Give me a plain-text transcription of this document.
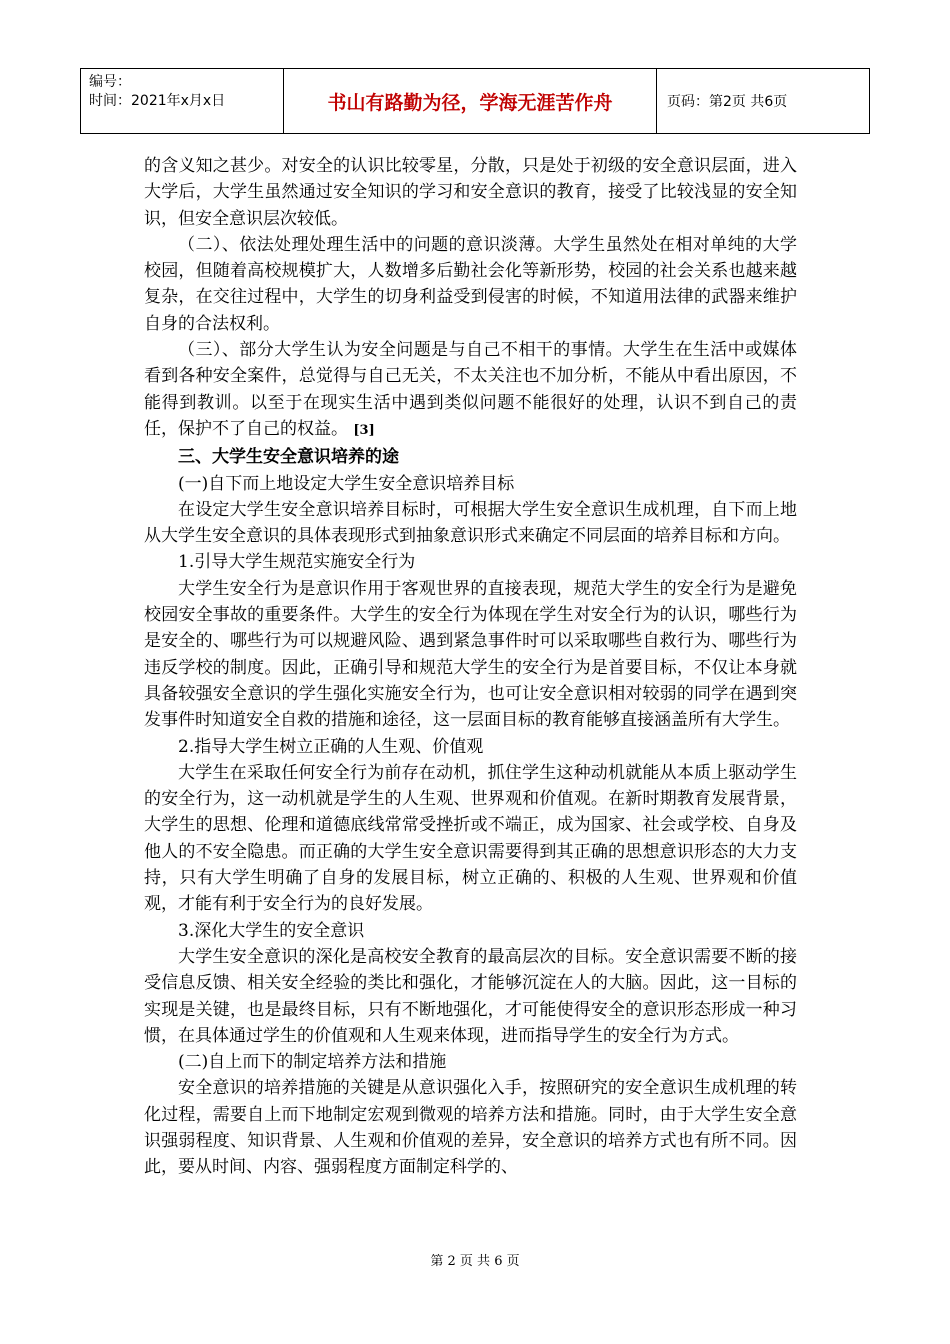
编号：
时间：2021年x月x日	书山有路勤为径，学海无涯苦作舟	页码：第2页 共6页

的含义知之甚少。对安全的认识比较零星，分散，只是处于初级的安全意识层面，进入大学后，大学生虽然通过安全知识的学习和安全意识的教育，接受了比较浅显的安全知识，但安全意识层次较低。

（二）、依法处理处理生活中的问题的意识淡薄。大学生虽然处在相对单纯的大学校园，但随着高校规模扩大，人数增多后勤社会化等新形势，校园的社会关系也越来越复杂，在交往过程中，大学生的切身利益受到侵害的时候，不知道用法律的武器来维护自身的合法权利。

（三）、部分大学生认为安全问题是与自己不相干的事情。大学生在生活中或媒体看到各种安全案件，总觉得与自己无关，不太关注也不加分析，不能从中看出原因，不能得到教训。以至于在现实生活中遇到类似问题不能很好的处理，认识不到自己的责任，保护不了自己的权益。 [3]

三、大学生安全意识培养的途

(一)自下而上地设定大学生安全意识培养目标

在设定大学生安全意识培养目标时，可根据大学生安全意识生成机理，自下而上地从大学生安全意识的具体表现形式到抽象意识形式来确定不同层面的培养目标和方向。

1.引导大学生规范实施安全行为

大学生安全行为是意识作用于客观世界的直接表现，规范大学生的安全行为是避免校园安全事故的重要条件。大学生的安全行为体现在学生对安全行为的认识，哪些行为是安全的、哪些行为可以规避风险、遇到紧急事件时可以采取哪些自救行为、哪些行为违反学校的制度。因此，正确引导和规范大学生的安全行为是首要目标，不仅让本身就具备较强安全意识的学生强化实施安全行为，也可让安全意识相对较弱的同学在遇到突发事件时知道安全自救的措施和途径，这一层面目标的教育能够直接涵盖所有大学生。

2.指导大学生树立正确的人生观、价值观

大学生在采取任何安全行为前存在动机，抓住学生这种动机就能从本质上驱动学生的安全行为，这一动机就是学生的人生观、世界观和价值观。在新时期教育发展背景，大学生的思想、伦理和道德底线常常受挫折或不端正，成为国家、社会或学校、自身及他人的不安全隐患。而正确的大学生安全意识需要得到其正确的思想意识形态的大力支持，只有大学生明确了自身的发展目标，树立正确的、积极的人生观、世界观和价值观，才能有利于安全行为的良好发展。

3.深化大学生的安全意识

大学生安全意识的深化是高校安全教育的最高层次的目标。安全意识需要不断的接受信息反馈、相关安全经验的类比和强化，才能够沉淀在人的大脑。因此，这一目标的实现是关键，也是最终目标，只有不断地强化，才可能使得安全的意识形态形成一种习惯，在具体通过学生的价值观和人生观来体现，进而指导学生的安全行为方式。

(二)自上而下的制定培养方法和措施

安全意识的培养措施的关键是从意识强化入手，按照研究的安全意识生成机理的转化过程，需要自上而下地制定宏观到微观的培养方法和措施。同时，由于大学生安全意识强弱程度、知识背景、人生观和价值观的差异，安全意识的培养方式也有所不同。因此，要从时间、内容、强弱程度方面制定科学的、

第 2 页 共 6 页
